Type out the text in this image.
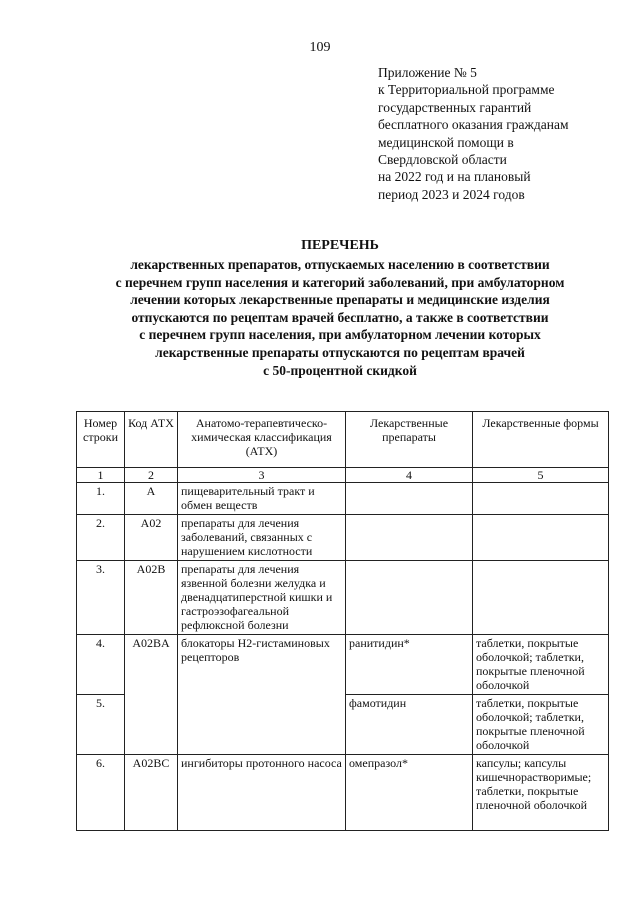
109
Приложение № 5
к Территориальной программе
государственных гарантий
бесплатного оказания гражданам
медицинской помощи в
Свердловской области
на 2022 год и на плановый
период 2023 и 2024 годов
ПЕРЕЧЕНЬ
лекарственных препаратов, отпускаемых населению в соответствии
с перечнем групп населения и категорий заболеваний, при амбулаторном
лечении которых лекарственные препараты и медицинские изделия
отпускаются по рецептам врачей бесплатно, а также в соответствии
с перечнем групп населения, при амбулаторном лечении которых
лекарственные препараты отпускаются по рецептам врачей
с 50-процентной скидкой
Номер строки	Код АТХ	Анатомо-терапевтическо-химическая классификация (АТХ)	Лекарственные препараты	Лекарственные формы
1	2	3	4	5
1.	A	пищеварительный тракт и обмен веществ		
2.	A02	препараты для лечения заболеваний, связанных с нарушением кислотности		
3.	A02B	препараты для лечения язвенной болезни желудка и двенадцатиперстной кишки и гастроэзофагеальной рефлюксной болезни		
4.	A02BA	блокаторы H2-гистаминовых рецепторов	ранитидин*	таблетки, покрытые оболочкой; таблетки, покрытые пленочной оболочкой
5.			фамотидин	таблетки, покрытые оболочкой; таблетки, покрытые пленочной оболочкой
6.	A02BC	ингибиторы протонного насоса	омепразол*	капсулы; капсулы кишечнорастворимые; таблетки, покрытые пленочной оболочкой
